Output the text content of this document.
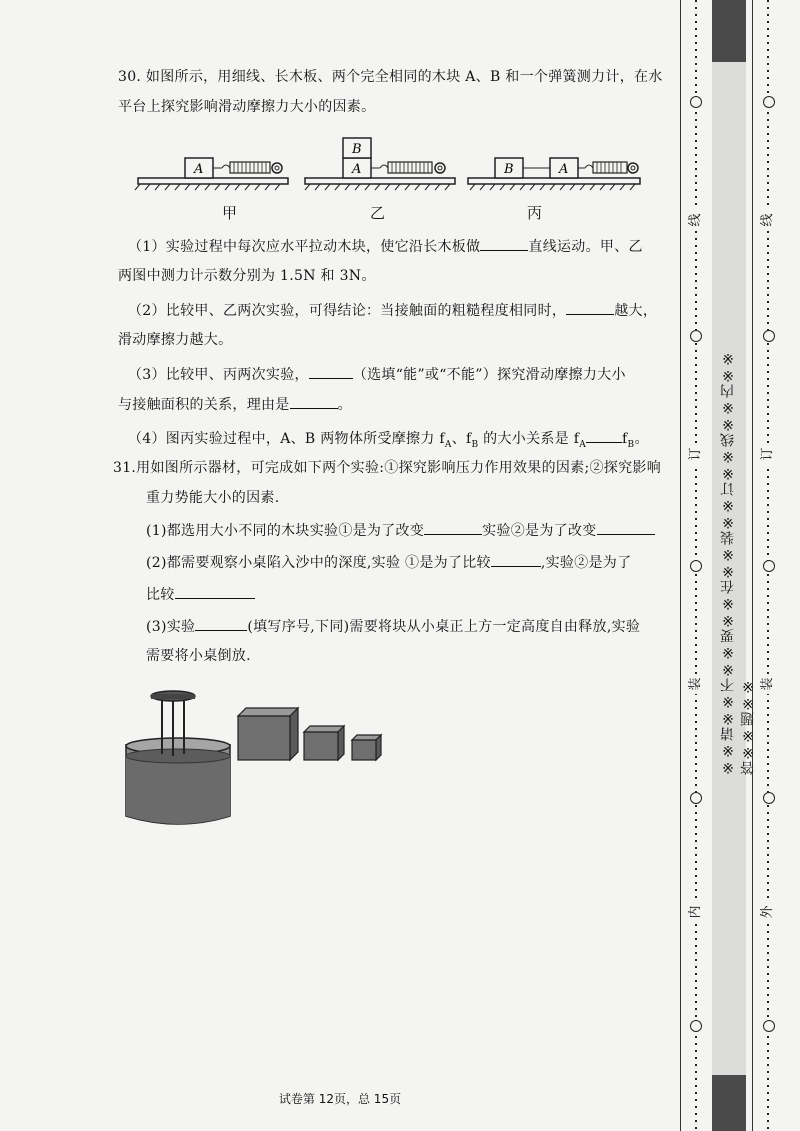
30. 如图所示，用细线、长木板、两个完全相同的木块 A、B 和一个弹簧测力计，在水
平台上探究影响滑动摩擦力大小的因素。
A	A
B
B	A
甲	乙	丙
（1）实验过程中每次应水平拉动木块，使它沿长木板做	直线运动。甲、乙
两图中测力计示数分别为 1.5N 和 3N。
（2）比较甲、乙两次实验，可得结论：当接触面的粗糙程度相同时，	越大，
滑动摩擦力越大。
（3）比较甲、丙两次实验，	（选填“能”或“不能”）探究滑动摩擦力大小
与接触面积的关系，理由是	。
（4）图丙实验过程中，A、B 两物体所受摩擦力 $f_A$、$f_B$ 的大小关系是 $f_A$	$f_B$。
31.用如图所示器材，可完成如下两个实验:①探究影响压力作用效果的因素;②探究影响
重力势能大小的因素.
(1)都选用大小不同的木块实验①是为了改变	实验②是为了改变
(2)都需要观察小桌陷入沙中的深度,实验 ①是为了比较	,实验②是为了
比较
(3)实验	(填写序号,下同)需要将块从小桌正上方一定高度自由释放,实验
需要将小桌倒放.
试卷第 12页，总 15页
线
订
装
内
线
订
装
外
※※请※※不※※要※※在※※装※※订※※线※※内※※答※※题※※
